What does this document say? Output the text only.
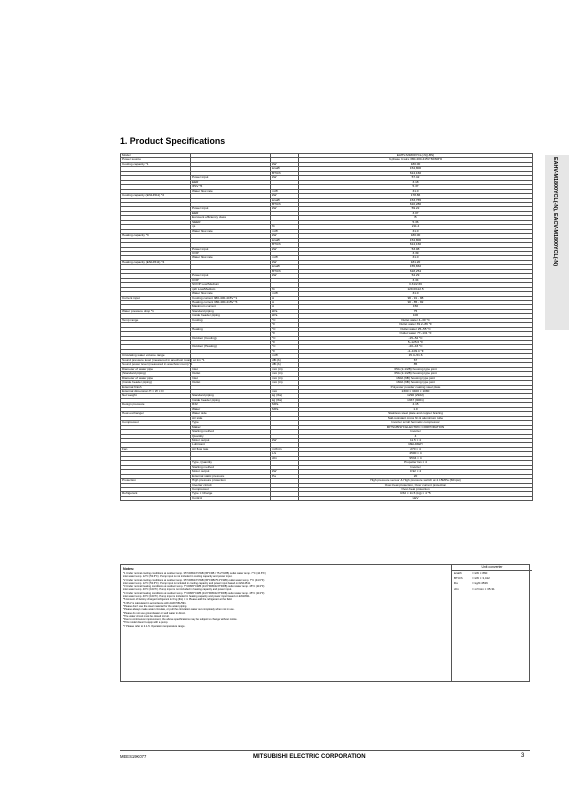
EAHV-M1800YCL(-N), EACV-M1800YCL(-N)
1. Product Specifications
Model			EAHV-M1800YCL(-N)(-BS)
Power source			3-phase 4-wire 380-400-415V 50/60Hz
Cooling capacity *1		kW	180.00
		kcal/h	154,800
		BTU/h	614,160
	Power input	kW	57.42
	EER		3.18
	IPLV *6		5.37
	Water flow rate	m³/h	31.0
Cooling capacity (EN14511) *2		kW	178.86
		kcal/h	153,765
		BTU/h	610,280
	Power input	kW	59.22
	EER		3.07
	Eurovent efficiency class		B
	SEER		5.36
	ηs	%	211.4
	Water flow rate	m³/h	31.0
Heating capacity *3		kW	180.00
		kcal/h	154,800
		BTU/h	614,160
	Power input	kW	53.08
	COP		3.39
	Water flow rate	m³/h	31.0
Heating capacity (EN14511) *4		kW	181.20
		kcal/h	155,832
		BTU/h	618,254
	Power input	kW	54.29
	COP		3.34
	SCOP Low/Medium		3.31/2.66
	ηsh Low/Medium	%	129.0/112.5
	Water flow rate	m³/h	31.0
Current input	Cooling current 380-400-415V *1	A	96 - 91 - 88
	Heating current 380-400-415V *3	A	90 - 85 - 82
	Maximum current	A	150
Water pressure drop *1	Standard piping	kPa	75
	Inside header piping	kPa	100
Temp range	Cooling	°C	Outlet water 4~30 °C
		°F	Outlet water 39.2~86 °F
	Heating	°C	Outlet water 25~55 °C
		°F	Outlet water 77~131 °F
	Outdoor (Cooling)	°C	-15~52 °C
		°F	5~125.6 °F
	Outdoor (Heating)	°C	-20~43 °C
		°F	-4~109.4 °F
Circulating water volume range		m³/h	15.4~51.6
Sound pressure level (measured in anechoic room) at 1m *1		dB (A)	67
Sound power level (measured in anechoic room) *1		dB (A)	85
Diameter of water pipe	Inlet	mm (in)	65A (2-1/2B) housing type joint
(Standard piping)	Outlet	mm (in)	65A (2-1/2B) housing type joint
Diameter of water pipe	Inlet	mm (in)	160A (6B) housing type joint
(Inside header piping)	Outlet	mm (in)	160A (6B) housing type joint
External finish			Polyester powder coating steel plate
External dimension H × W × D		mm	2300 × 3400 × 1080
Net weight	Standard piping	kg (lbs)	1290 (2922)
	Inside header piping	kg (lbs)	1367 (3001)
Design pressure	R32	MPa	4.15
	Water	MPa	1.0
Heat exchanger	Water side		Stainless steel plate and copper brazing
	Air side		Salt-resistant cross fin & aluminium tube
Compressor	Type		Inverter scroll hermetic compressor
	Maker		MITSUBISHI ELECTRIC CORPORATION
	Starting method		Inverter
	Quantity		4
	Motor output	kW	11.5 × 4
	Lubricant		MEL46EH
Fan	Air flow rate	m³/min	270 × 4
		L/s	4500 × 4
		cfm	9534 × 4
	Type, Quantity		Propeller fan × 4
	Starting method		Inverter
	Motor output	kW	0.92 × 4
	External static pressure	Pa	20
Protection	High pressure protection		High pressure sensor & High pressure switch at 4.15MPa (601psi)
	Inverter circuit		Over-heat protection, Over current protection
	Compressor		Over-heat protection
Refrigerant	Type × Charge		R32 × 11.5 (kg) × 4 *5
	Control		LEV
Notes:
*1 Under normal cooling conditions at outdoor temp. 35°CDB/24°CWB (95°FDB / 75.2°FWB) outlet water temp. 7°C (44.6°F)
inlet water temp. 12°C (53.6°F). Pump input is not included in cooling capacity and power input.
*2 Under normal cooling conditions at outdoor temp. 35°CDB/24°CWB (95°FDB/75.2°FWB) outlet water temp. 7°C (44.6°F)
inlet water temp. 12°C (53.6°F). Pump input is included in cooling capacity and power input based on EN14511.
*3 Under normal heating conditions at outdoor temp. 7°CDB/6°CWB (44.6°FDB/42.8°FWB) outlet water temp. 45°C (113°F)
inlet water temp. 40°C (104°F). Pump input is not included in heating capacity and power input.
*4 Under normal heating conditions at outdoor temp. 7°CDB/6°CWB (44.6°FDB/42.8°FWB) outlet water temp. 45°C (113°F)
inlet water temp. 40°C (104°F). Pump input is included in heating capacity and power input based on EN14511.
*5 Amount of factory-charged refrigerant is 0 kg (lbs) × 4. Please add the refrigerant at the field.
*6 IPLV is calculated in accordance with AHRI 551/591.
*Please don't use the steel material for the water piping.
*Please always make water circulate, or pull the circulation water out completely when not in use.
*Please do not use groundwater or well water in direct.
*The water circuit must be closed circuit.
*Due to continuous improvement, the above specifications may be subject to change without notice.
*This model doesn't equip with a pump.
*7 Please refer to 2.1-5. Operation temperature range.
Unit converter
kcal/h	= kW × 860
BTU/h	= kW × 3,412
lbs	= kg/0.4536
cfm	= m³/min × 35.31
MEES19K077	MITSUBISHI ELECTRIC CORPORATION	3
